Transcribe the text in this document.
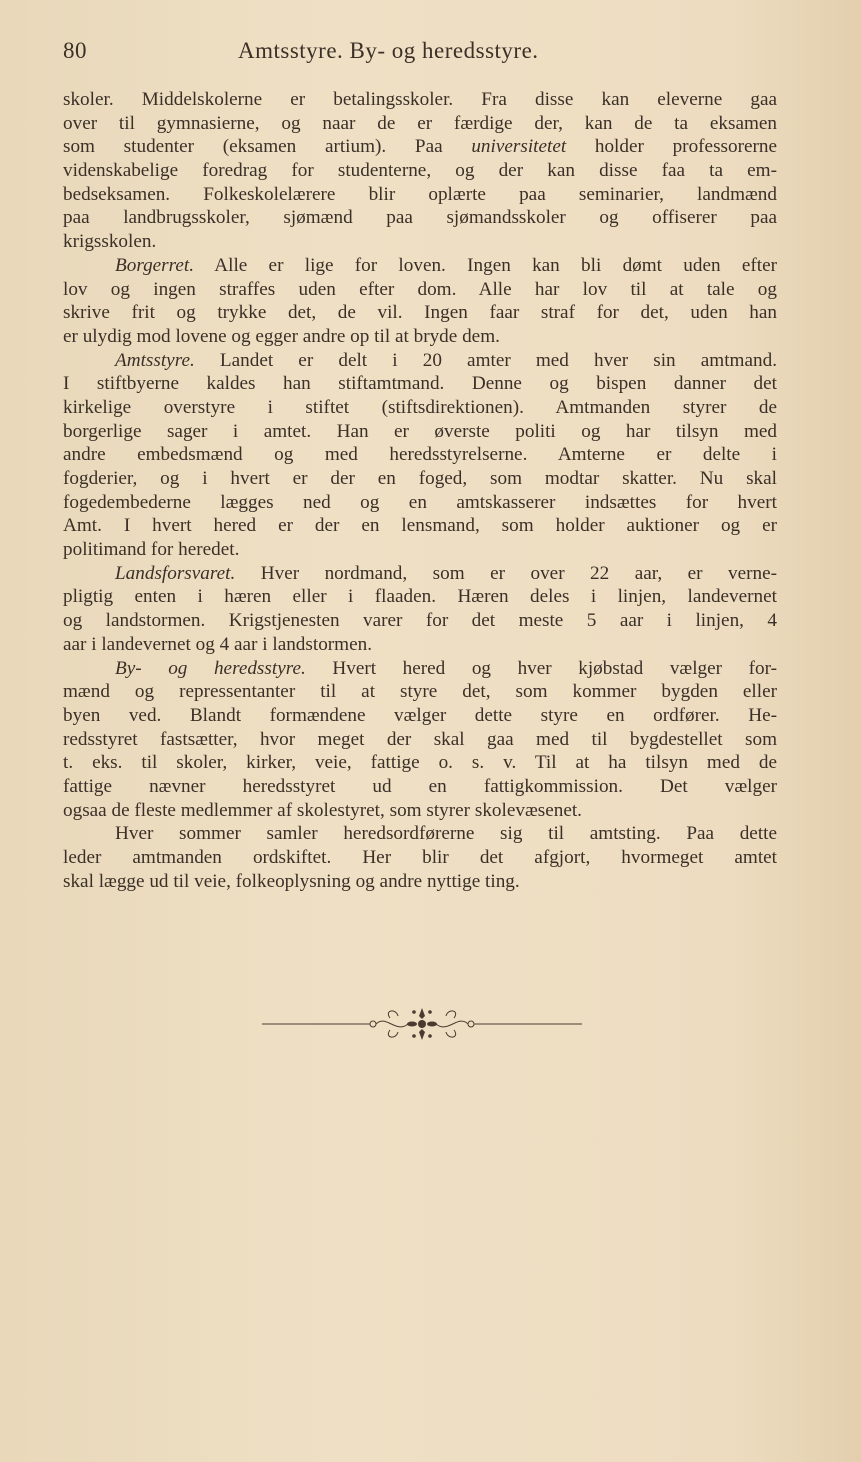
80	Amtsstyre. By- og heredsstyre.
skoler. Middelskolerne er betalingsskoler. Fra disse kan eleverne gaa
over til gymnasierne, og naar de er færdige der, kan de ta eksamen
som studenter (eksamen artium). Paa universitetet holder professorerne
videnskabelige foredrag for studenterne, og der kan disse faa ta em-
bedseksamen. Folkeskolelærere blir oplærte paa seminarier, landmænd
paa landbrugsskoler, sjømænd paa sjømandsskoler og offiserer paa
krigsskolen.
Borgerret. Alle er lige for loven. Ingen kan bli dømt uden efter
lov og ingen straffes uden efter dom. Alle har lov til at tale og
skrive frit og trykke det, de vil. Ingen faar straf for det, uden han
er ulydig mod lovene og egger andre op til at bryde dem.
Amtsstyre. Landet er delt i 20 amter med hver sin amtmand.
I stiftbyerne kaldes han stiftamtmand. Denne og bispen danner det
kirkelige overstyre i stiftet (stiftsdirektionen). Amtmanden styrer de
borgerlige sager i amtet. Han er øverste politi og har tilsyn med
andre embedsmænd og med heredsstyrelserne. Amterne er delte i
fogderier, og i hvert er der en foged, som modtar skatter. Nu skal
fogedembederne lægges ned og en amtskasserer indsættes for hvert
Amt. I hvert hered er der en lensmand, som holder auktioner og er
politimand for heredet.
Landsforsvaret. Hver nordmand, som er over 22 aar, er verne-
pligtig enten i hæren eller i flaaden. Hæren deles i linjen, landevernet
og landstormen. Krigstjenesten varer for det meste 5 aar i linjen, 4
aar i landevernet og 4 aar i landstormen.
By- og heredsstyre. Hvert hered og hver kjøbstad vælger for-
mænd og repressentanter til at styre det, som kommer bygden eller
byen ved. Blandt formændene vælger dette styre en ordfører. He-
redsstyret fastsætter, hvor meget der skal gaa med til bygdestellet som
t. eks. til skoler, kirker, veie, fattige o. s. v. Til at ha tilsyn med de
fattige nævner heredsstyret ud en fattigkommission. Det vælger
ogsaa de fleste medlemmer af skolestyret, som styrer skolevæsenet.
Hver sommer samler heredsordførerne sig til amtsting. Paa dette
leder amtmanden ordskiftet. Her blir det afgjort, hvormeget amtet
skal lægge ud til veie, folkeoplysning og andre nyttige ting.
